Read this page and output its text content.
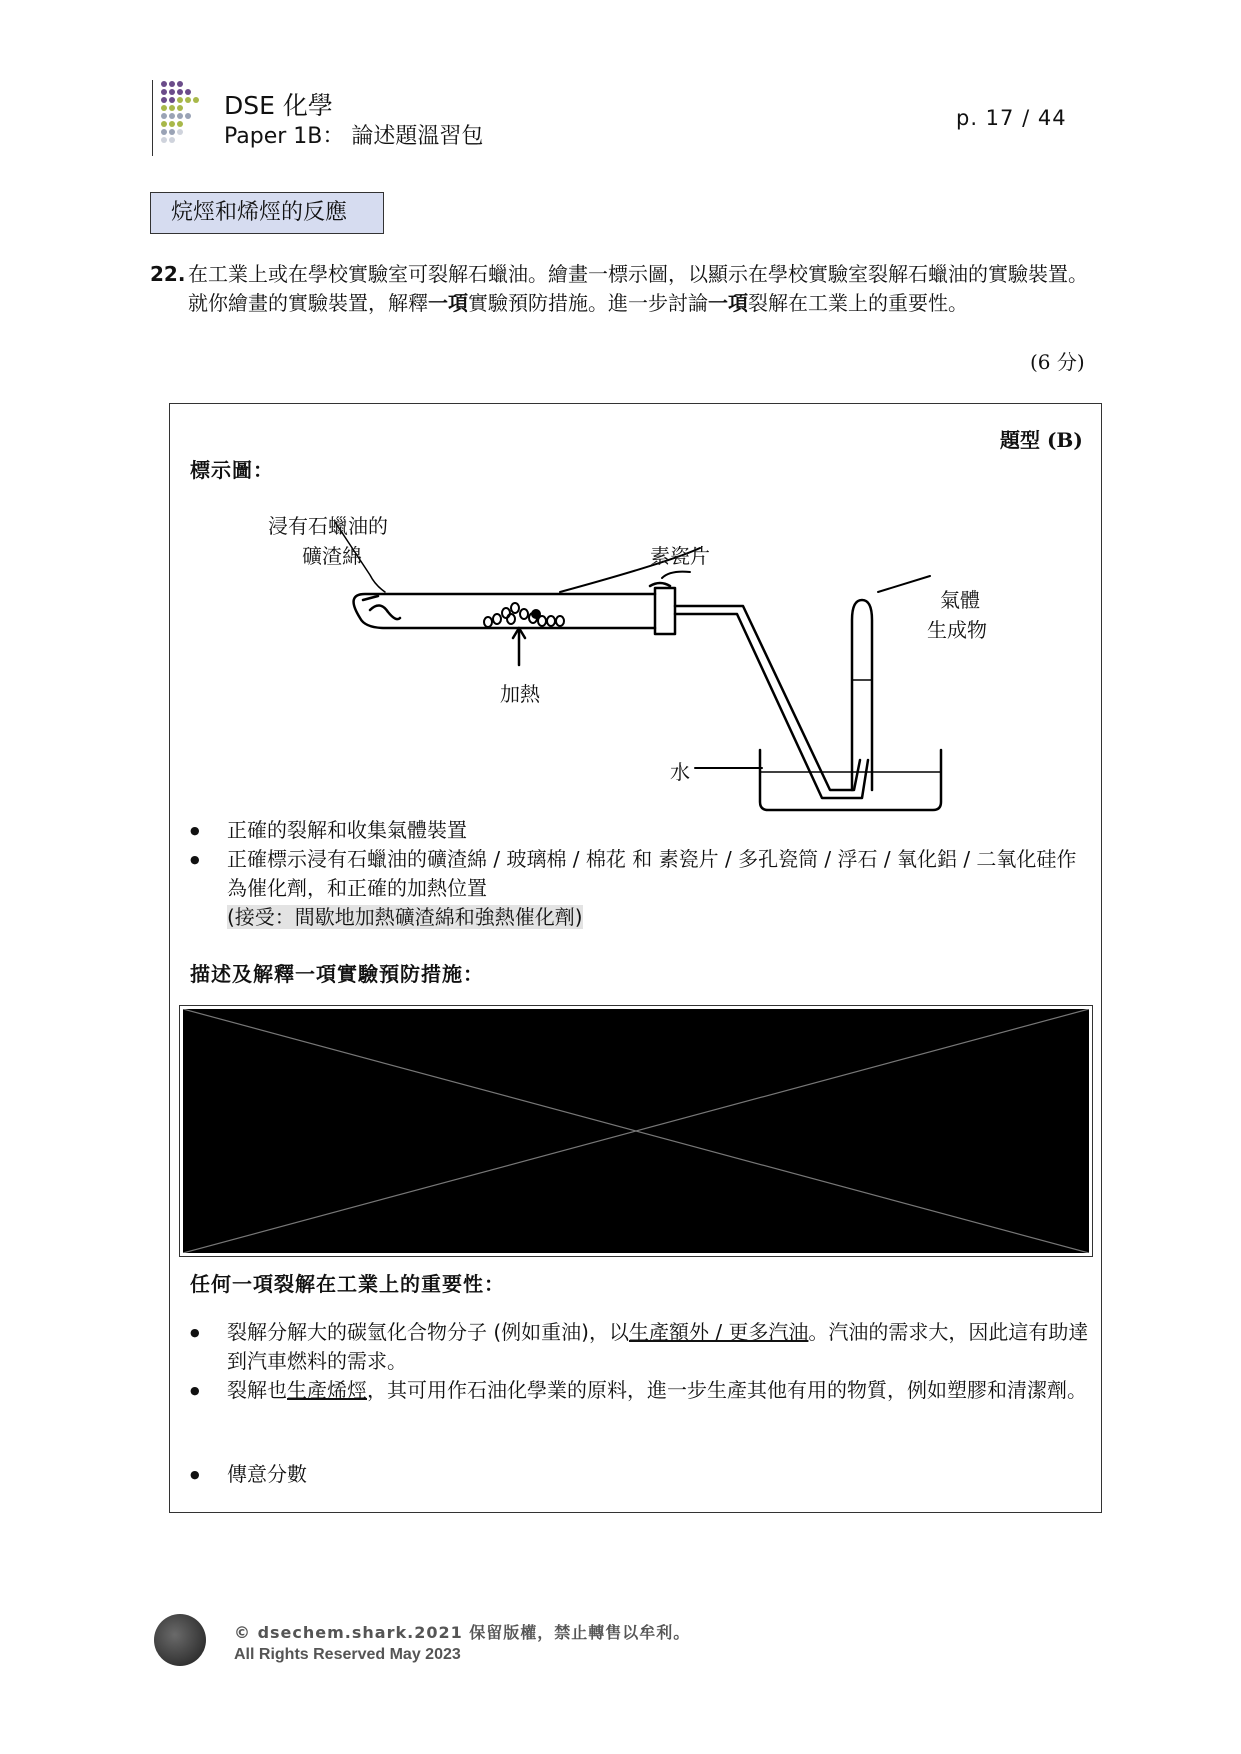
DSE 化學
Paper 1B： 論述題溫習包
p. 17 / 44
烷烴和烯烴的反應
22. 在工業上或在學校實驗室可裂解石蠟油。繪畫一標示圖，以顯示在學校實驗室裂解石蠟油的實驗裝置。就你繪畫的實驗裝置，解釋一項實驗預防措施。進一步討論一項裂解在工業上的重要性。
(6 分)
題型 (B)
標示圖：
浸有石蠟油的
礦渣綿	素瓷片
氣體
生成物
加熱
水
● 正確的裂解和收集氣體裝置
● 正確標示浸有石蠟油的礦渣綿 / 玻璃棉 / 棉花 和 素瓷片 / 多孔瓷筒 / 浮石 / 氧化鋁 / 二氧化硅作為催化劑，和正確的加熱位置
(接受：間歇地加熱礦渣綿和強熱催化劑)
描述及解釋一項實驗預防措施：
任何一項裂解在工業上的重要性：
● 裂解分解大的碳氫化合物分子 (例如重油)，以生產額外 / 更多汽油。汽油的需求大，因此這有助達到汽車燃料的需求。
● 裂解也生產烯烴，其可用作石油化學業的原料，進一步生產其他有用的物質，例如塑膠和清潔劑。
● 傳意分數
© dsechem.shark.2021 保留版權，禁止轉售以牟利。
All Rights Reserved May 2023
